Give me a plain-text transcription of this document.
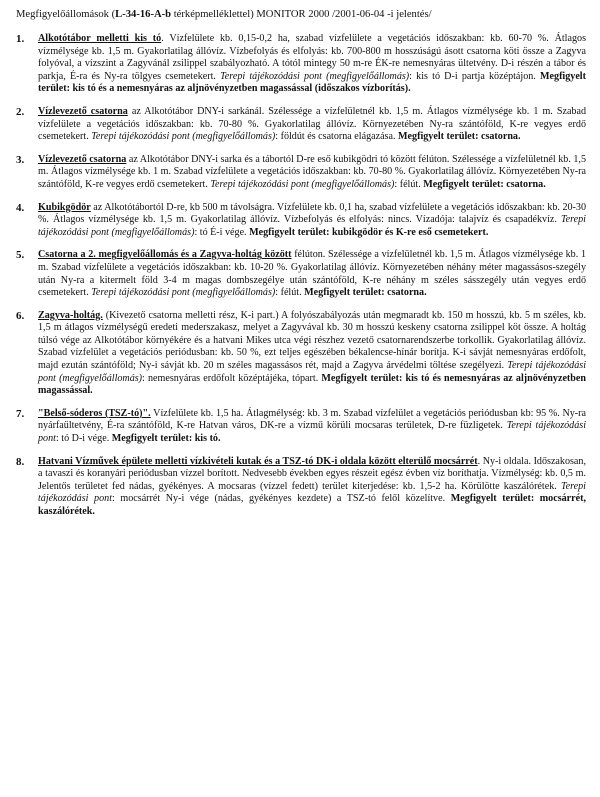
Megfigyelőállomások (L-34-16-A-b térképmelléklettel) MONITOR 2000 /2001-06-04 -i jelentés/
1.	Alkotótábor melletti kis tó. Vízfelülete kb. 0,15-0,2 ha, szabad vízfelülete a vegetációs időszakban: kb. 60-70 %. Átlagos vízmélysége kb. 1,5 m. Gyakorlatilag állóvíz. Vízbefolyás és elfolyás: kb. 700-800 m hosszúságú ásott csatorna köti össze a Zagyva folyóval, a vízszint a Zagyvánál zsilippel szabályozható. A tótól mintegy 50 m-re ÉK-re nemesnyáras ültetvény. D-i részén a tábor és parkja, É-ra és Ny-ra tölgyes csemetekert. Terepi tájékozódási pont (megfigyelőállomás): kis tó D-i partja középtájon. Megfigyelt terület: kis tó és a nemesnyáras az aljnövényzetben magassással (időszakos vízborítás).
2.	Vízlevezető csatorna az Alkotótábor DNY-i sarkánál. Szélessége a vízfelületnél kb. 1,5 m. Átlagos vízmélysége kb. 1 m. Szabad vízfelülete a vegetációs időszakban: kb. 70-80 %. Gyakorlatilag állóvíz. Környezetében Ny-ra szántóföld, K-re vegyes erdő csemetekert. Terepi tájékozódási pont (megfigyelőállomás): földút és csatorna elágazása. Megfigyelt terület: csatorna.
3.	Vízlevezető csatorna az Alkotótábor DNY-i sarka és a tábortól D-re eső kubikgödri tó között félúton. Szélessége a vízfelületnél kb. 1,5 m. Átlagos vízmélysége kb. 1 m. Szabad vízfelülete a vegetációs időszakban: kb. 70-80 %. Gyakorlatilag állóvíz. Környezetében Ny-ra szántóföld, K-re vegyes erdő csemetekert. Terepi tájékozódási pont (megfigyelőállomás): félút. Megfigyelt terület: csatorna.
4.	Kubikgödör az Alkotótábortól D-re, kb 500 m távolságra. Vízfelülete kb. 0,1 ha, szabad vízfelülete a vegetációs időszakban: kb. 20-30 %. Átlagos vízmélysége kb. 1,5 m. Gyakorlatilag állóvíz. Vízbefolyás és elfolyás: nincs. Vízadója: talajvíz és csapadékvíz. Terepi tájékozódási pont (megfigyelőállomás): tó É-i vége. Megfigyelt terület: kubikgödör és K-re eső csemetekert.
5.	Csatorna a 2. megfigyelőállomás és a Zagyva-holtág között félúton. Szélessége a vízfelületnél kb. 1,5 m. Átlagos vízmélysége kb. 1 m. Szabad vízfelülete a vegetációs időszakban: kb. 10-20 %. Gyakorlatilag állóvíz. Környezetében néhány méter magassásos-szegély után Ny-ra a kitermelt föld 3-4 m magas dombszegélye után szántóföld, K-re néhány m széles sásszegély után vegyes erdő csemetekert. Terepi tájékozódási pont (megfigyelőállomás): félút. Megfigyelt terület: csatorna.
6.	Zagyva-holtág. (Kivezető csatorna melletti rész, K-i part.) A folyószabályozás után megmaradt kb. 150 m hosszú, kb. 5 m széles, kb. 1,5 m átlagos vízmélységű eredeti mederszakasz, melyet a Zagyvával kb. 30 m hosszú keskeny csatorna zsilippel köt össze. A holtág túlsó vége az Alkotótábor környékére és a hatvani Mikes utca végi részhez vezető csatornarendszerbe torkollik. Gyakorlatilag állóvíz. Szabad vízfelület a vegetációs periódusban: kb. 50 %, ezt teljes egészében békalencse-hínár borítja. K-i sávját nemesnyáras erdőfolt, majd ezután szántóföld; Ny-i sávját kb. 20 m széles magassásos rét, majd a Zagyva árvédelmi töltése szegélyezi. Terepi tájékozódási pont (megfigyelőállomás): nemesnyáras erdőfolt középtájéka, tópart. Megfigyelt terület: kis tó és nemesnyáras az aljnövényzetben magassással.
7.	"Belső-sóderos (TSZ-tó)". Vízfelülete kb. 1,5 ha. Átlagmélység: kb. 3 m. Szabad vízfelület a vegetációs periódusban kb: 95 %. Ny-ra nyárfaültetvény, É-ra szántóföld, K-re Hatvan város, DK-re a vízmű körüli mocsaras területek, D-re füzligetek. Terepi tájékozódási pont: tó D-i vége. Megfigyelt terület: kis tó.
8.	Hatvani Vízművek épülete melletti vízkivételi kutak és a TSZ-tó DK-i oldala között elterülő mocsárrét. Ny-i oldala. Időszakosan, a tavaszi és koranyári periódusban vízzel borított. Nedvesebb években egyes részeit egész évben víz boríthatja. Vízmélység: kb. 0,5 m. Jelentős területet fed nádas, gyékényes. A mocsaras (vízzel fedett) terület kiterjedése: kb. 1,5-2 ha. Körülötte kaszálórétek. Terepi tájékozódási pont: mocsárrét Ny-i vége (nádas, gyékényes kezdete) a TSZ-tó felől közelítve. Megfigyelt terület: mocsárrét, kaszálórétek.
